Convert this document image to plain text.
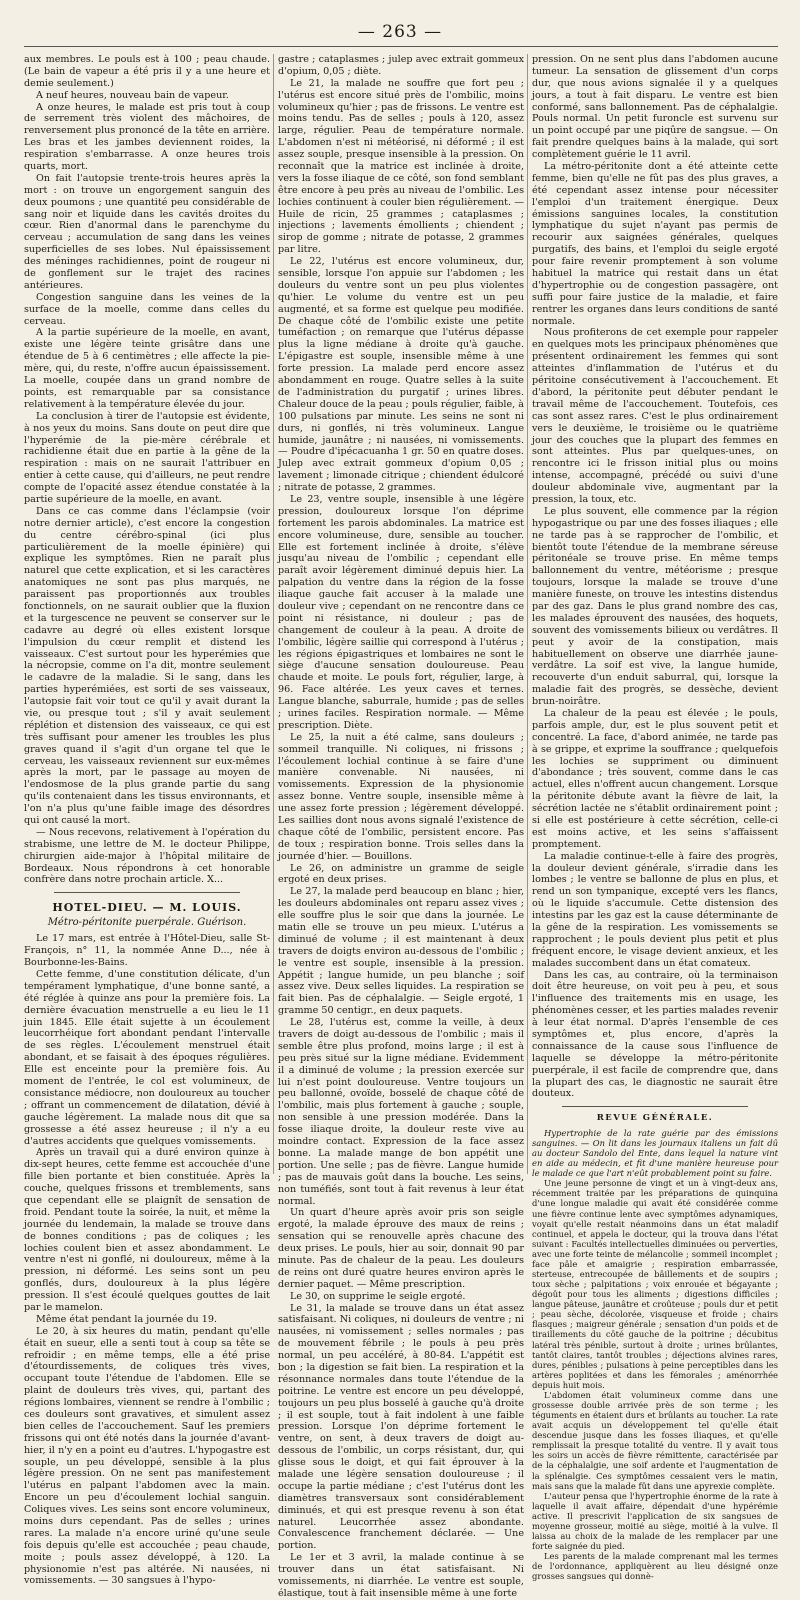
— 263 —

aux membres. Le pouls est à 100 ; peau chaude. (Le bain de vapeur a été pris il y a une heure et demie seulement.)

A neuf heures, nouveau bain de vapeur.

A onze heures, le malade est pris tout à coup de serrement très violent des mâchoires, de renversement plus prononcé de la tête en arrière. Les bras et les jambes deviennent roides, la respiration s'embarrasse. A onze heures trois quarts, mort.

On fait l'autopsie trente-trois heures après la mort : on trouve un engorgement sanguin des deux poumons ; une quantité peu considérable de sang noir et liquide dans les cavités droites du cœur. Rien d'anormal dans le parenchyme du cerveau ; accumulation de sang dans les veines superficielles de ses lobes. Nul épaississement des méninges rachidiennes, point de rougeur ni de gonflement sur le trajet des racines antérieures.

Congestion sanguine dans les veines de la surface de la moelle, comme dans celles du cerveau.

A la partie supérieure de la moelle, en avant, existe une légère teinte grisâtre dans une étendue de 5 à 6 centimètres ; elle affecte la pie-mère, qui, du reste, n'offre aucun épaississement. La moelle, coupée dans un grand nombre de points, est remarquable par sa consistance relativement à la température élevée du jour.

La conclusion à tirer de l'autopsie est évidente, à nos yeux du moins. Sans doute on peut dire que l'hyperémie de la pie-mère cérébrale et rachidienne était due en partie à la gêne de la respiration : mais on ne saurait l'attribuer en entier à cette cause, qui d'ailleurs, ne peut rendre compte de l'opacité assez étendue constatée à la partie supérieure de la moelle, en avant.

Dans ce cas comme dans l'éclampsie (voir notre dernier article), c'est encore la congestion du centre cérébro-spinal (ici plus particulièrement de la moelle épinière) qui explique les symptômes. Rien ne paraît plus naturel que cette explication, et si les caractères anatomiques ne sont pas plus marqués, ne paraissent pas proportionnés aux troubles fonctionnels, on ne saurait oublier que la fluxion et la turgescence ne peuvent se conserver sur le cadavre au degré où elles existent lorsque l'impulsion du cœur remplit et distend les vaisseaux. C'est surtout pour les hyperémies que la nécropsie, comme on l'a dit, montre seulement le cadavre de la maladie. Si le sang, dans les parties hyperémiées, est sorti de ses vaisseaux, l'autopsie fait voir tout ce qu'il y avait durant la vie, ou presque tout ; s'il y avait seulement réplétion et distension des vaisseaux, ce qui est très suffisant pour amener les troubles les plus graves quand il s'agit d'un organe tel que le cerveau, les vaisseaux reviennent sur eux-mêmes après la mort, par le passage au moyen de l'endosmose de la plus grande partie du sang qu'ils contenaient dans les tissus environnants, et l'on n'a plus qu'une faible image des désordres qui ont causé la mort.

— Nous recevons, relativement à l'opération du strabisme, une lettre de M. le docteur Philippe, chirurgien aide-major à l'hôpital militaire de Bordeaux. Nous répondrons à cet honorable confrère dans notre prochain article. X...

HOTEL-DIEU. — M. LOUIS.
Métro-péritonite puerpérale. Guérison.

Le 17 mars, est entrée à l'Hôtel-Dieu, salle St-François, n° 11, la nommée Anne D..., née à Bourbonne-les-Bains.

Cette femme, d'une constitution délicate, d'un tempérament lymphatique, d'une bonne santé, a été réglée à quinze ans pour la première fois. La dernière évacuation menstruelle a eu lieu le 11 juin 1845. Elle était sujette à un écoulement leucorrhéique fort abondant pendant l'intervalle de ses règles. L'écoulement menstruel était abondant, et se faisait à des époques régulières. Elle est enceinte pour la première fois. Au moment de l'entrée, le col est volumineux, de consistance médiocre, non douloureux au toucher ; offrant un commencement de dilatation, dévié à gauche légèrement. La malade nous dit que sa grossesse a été assez heureuse ; il n'y a eu d'autres accidents que quelques vomissements.

Après un travail qui a duré environ quinze à dix-sept heures, cette femme est accouchée d'une fille bien portante et bien constituée. Après la couche, quelques frissons et tremblements, sans que cependant elle se plaignît de sensation de froid. Pendant toute la soirée, la nuit, et même la journée du lendemain, la malade se trouve dans de bonnes conditions ; pas de coliques ; les lochies coulent bien et assez abondamment. Le ventre n'est ni gonflé, ni douloureux, même à la pression, ni déformé. Les seins sont un peu gonflés, durs, douloureux à la plus légère pression. Il s'est écoulé quelques gouttes de lait par le mamelon.

Même état pendant la journée du 19.

Le 20, à six heures du matin, pendant qu'elle était en sueur, elle a senti tout à coup sa tête se refroidir ; en même temps, elle a été prise d'étourdissements, de coliques très vives, occupant toute l'étendue de l'abdomen. Elle se plaint de douleurs très vives, qui, partant des régions lombaires, viennent se rendre à l'ombilic ; ces douleurs sont gravatives, et simulent assez bien celles de l'accouchement. Sauf les premiers frissons qui ont été notés dans la journée d'avant-hier, il n'y en a point eu d'autres. L'hypogastre est souple, un peu développé, sensible à la plus légère pression. On ne sent pas manifestement l'utérus en palpant l'abdomen avec la main. Encore un peu d'écoulement lochial sanguin. Coliques vives. Les seins sont encore volumineux, moins durs cependant. Pas de selles ; urines rares. La malade n'a encore uriné qu'une seule fois depuis qu'elle est accouchée ; peau chaude, moite ; pouls assez développé, à 120. La physionomie n'est pas altérée. Ni nausées, ni vomissements. — 30 sangsues à l'hypo-

gastre ; cataplasmes ; julep avec extrait gommeux d'opium, 0,05 ; diète.

Le 21, la malade ne souffre que fort peu ; l'utérus est encore situé près de l'ombilic, moins volumineux qu'hier ; pas de frissons. Le ventre est moins tendu. Pas de selles ; pouls à 120, assez large, régulier. Peau de température normale. L'abdomen n'est ni météorisé, ni déformé ; il est assez souple, presque insensible à la pression. On reconnaît que la matrice est inclinée à droite, vers la fosse iliaque de ce côté, son fond semblant être encore à peu près au niveau de l'ombilic. Les lochies continuent à couler bien régulièrement. — Huile de ricin, 25 grammes ; cataplasmes ; injections ; lavements émollients ; chiendent ; sirop de gomme ; nitrate de potasse, 2 grammes par litre.

Le 22, l'utérus est encore volumineux, dur, sensible, lorsque l'on appuie sur l'abdomen ; les douleurs du ventre sont un peu plus violentes qu'hier. Le volume du ventre est un peu augmenté, et sa forme est quelque peu modifiée. De chaque côté de l'ombilic existe une petite tuméfaction ; on remarque que l'utérus dépasse plus la ligne médiane à droite qu'à gauche. L'épigastre est souple, insensible même à une forte pression. La malade perd encore assez abondamment en rouge. Quatre selles à la suite de l'administration du purgatif ; urines libres. Chaleur douce de la peau ; pouls régulier, faible, à 100 pulsations par minute. Les seins ne sont ni durs, ni gonflés, ni très volumineux. Langue humide, jaunâtre ; ni nausées, ni vomissements. — Poudre d'ipécacuanha 1 gr. 50 en quatre doses. Julep avec extrait gommeux d'opium 0,05 ; lavement ; limonade citrique ; chiendent édulcoré ; nitrate de potasse, 2 grammes.

Le 23, ventre souple, insensible à une légère pression, douloureux lorsque l'on déprime fortement les parois abdominales. La matrice est encore volumineuse, dure, sensible au toucher. Elle est fortement inclinée à droite, s'élève jusqu'au niveau de l'ombilic ; cependant elle paraît avoir légèrement diminué depuis hier. La palpation du ventre dans la région de la fosse iliaque gauche fait accuser à la malade une douleur vive ; cependant on ne rencontre dans ce point ni résistance, ni douleur ; pas de changement de couleur à la peau. A droite de l'ombilic, légère saillie qui correspond à l'utérus ; les régions épigastriques et lombaires ne sont le siège d'aucune sensation douloureuse. Peau chaude et moite. Le pouls fort, régulier, large, à 96. Face altérée. Les yeux caves et ternes. Langue blanche, saburrale, humide ; pas de selles ; urines faciles. Respiration normale. — Même prescription. Diète.

Le 25, la nuit a été calme, sans douleurs ; sommeil tranquille. Ni coliques, ni frissons ; l'écoulement lochial continue à se faire d'une manière convenable. Ni nausées, ni vomissements. Expression de la physionomie assez bonne. Ventre souple, insensible même à une assez forte pression ; légèrement développé. Les saillies dont nous avons signalé l'existence de chaque côté de l'ombilic, persistent encore. Pas de toux ; respiration bonne. Trois selles dans la journée d'hier. — Bouillons.

Le 26, on administre un gramme de seigle ergoté en deux prises.

Le 27, la malade perd beaucoup en blanc ; hier, les douleurs abdominales ont reparu assez vives ; elle souffre plus le soir que dans la journée. Le matin elle se trouve un peu mieux. L'utérus a diminué de volume ; il est maintenant à deux travers de doigts environ au-dessous de l'ombilic ; le ventre est souple, insensible à la pression. Appétit ; langue humide, un peu blanche ; soif assez vive. Deux selles liquides. La respiration se fait bien. Pas de céphalalgie. — Seigle ergoté, 1 gramme 50 centigr., en deux paquets.

Le 28, l'utérus est, comme la veille, à deux travers de doigt au-dessous de l'ombilic ; mais il semble être plus profond, moins large ; il est à peu près situé sur la ligne médiane. Evidemment il a diminué de volume ; la pression exercée sur lui n'est point douloureuse. Ventre toujours un peu ballonné, ovoïde, bosselé de chaque côté de l'ombilic, mais plus fortement à gauche ; souple, non sensible à une pression modérée. Dans la fosse iliaque droite, la douleur reste vive au moindre contact. Expression de la face assez bonne. La malade mange de bon appétit une portion. Une selle ; pas de fièvre. Langue humide ; pas de mauvais goût dans la bouche. Les seins, non tuméfiés, sont tout à fait revenus à leur état normal.

Un quart d'heure après avoir pris son seigle ergoté, la malade éprouve des maux de reins ; sensation qui se renouvelle après chacune des deux prises. Le pouls, hier au soir, donnait 90 par minute. Pas de chaleur de la peau. Les douleurs de reins ont duré quatre heures environ après le dernier paquet. — Même prescription.

Le 30, on supprime le seigle ergoté.

Le 31, la malade se trouve dans un état assez satisfaisant. Ni coliques, ni douleurs de ventre ; ni nausées, ni vomissement ; selles normales ; pas de mouvement fébrile ; le pouls à peu près normal, un peu accéléré, à 80-84. L'appétit est bon ; la digestion se fait bien. La respiration et la résonnance normales dans toute l'étendue de la poitrine. Le ventre est encore un peu développé, toujours un peu plus bosselé à gauche qu'à droite ; il est souple, tout à fait indolent à une faible pression. Lorsque l'on déprime fortement le ventre, on sent, à deux travers de doigt au-dessous de l'ombilic, un corps résistant, dur, qui glisse sous le doigt, et qui fait éprouver à la malade une légère sensation douloureuse ; il occupe la partie médiane ; c'est l'utérus dont les diamètres transversaux sont considérablement diminués, et qui est presque revenu à son état naturel. Leucorrhée assez abondante. Convalescence franchement déclarée. — Une portion.

Le 1er et 3 avril, la malade continue à se trouver dans un état satisfaisant. Ni vomissements, ni diarrhée. Le ventre est souple, élastique, tout à fait insensible même à une forte

pression. On ne sent plus dans l'abdomen aucune tumeur. La sensation de glissement d'un corps dur, que nous avions signalée il y a quelques jours, a tout à fait disparu. Le ventre est bien conformé, sans ballonnement. Pas de céphalalgie. Pouls normal. Un petit furoncle est survenu sur un point occupé par une piqûre de sangsue. — On fait prendre quelques bains à la malade, qui sort complètement guérie le 11 avril.

La métro-péritonite dont a été atteinte cette femme, bien qu'elle ne fût pas des plus graves, a été cependant assez intense pour nécessiter l'emploi d'un traitement énergique. Deux émissions sanguines locales, la constitution lymphatique du sujet n'ayant pas permis de recourir aux saignées générales, quelques purgatifs, des bains, et l'emploi du seigle ergoté pour faire revenir promptement à son volume habituel la matrice qui restait dans un état d'hypertrophie ou de congestion passagère, ont suffi pour faire justice de la maladie, et faire rentrer les organes dans leurs conditions de santé normale.

Nous profiterons de cet exemple pour rappeler en quelques mots les principaux phénomènes que présentent ordinairement les femmes qui sont atteintes d'inflammation de l'utérus et du péritoine consécutivement à l'accouchement. Et d'abord, la péritonite peut débuter pendant le travail même de l'accouchement. Toutefois, ces cas sont assez rares. C'est le plus ordinairement vers le deuxième, le troisième ou le quatrième jour des couches que la plupart des femmes en sont atteintes. Plus par quelques-unes, on rencontre ici le frisson initial plus ou moins intense, accompagné, précédé ou suivi d'une douleur abdominale vive, augmentant par la pression, la toux, etc.

Le plus souvent, elle commence par la région hypogastrique ou par une des fosses iliaques ; elle ne tarde pas à se rapprocher de l'ombilic, et bientôt toute l'étendue de la membrane séreuse péritonéale se trouve prise. En même temps ballonnement du ventre, météorisme ; presque toujours, lorsque la malade se trouve d'une manière funeste, on trouve les intestins distendus par des gaz. Dans le plus grand nombre des cas, les malades éprouvent des nausées, des hoquets, souvent des vomissements bilieux ou verdâtres. Il peut y avoir de la constipation, mais habituellement on observe une diarrhée jaune-verdâtre. La soif est vive, la langue humide, recouverte d'un enduit saburral, qui, lorsque la maladie fait des progrès, se dessèche, devient brun-noirâtre.

La chaleur de la peau est élevée ; le pouls, parfois ample, dur, est le plus souvent petit et concentré. La face, d'abord animée, ne tarde pas à se grippe, et exprime la souffrance ; quelquefois les lochies se suppriment ou diminuent d'abondance ; très souvent, comme dans le cas actuel, elles n'offrent aucun changement. Lorsque la péritonite débute avant la fièvre de lait, la sécrétion lactée ne s'établit ordinairement point ; si elle est postérieure à cette sécrétion, celle-ci est moins active, et les seins s'affaissent promptement.

La maladie continue-t-elle à faire des progrès, la douleur devient générale, s'irradie dans les lombes ; le ventre se ballonne de plus en plus, et rend un son tympanique, excepté vers les flancs, où le liquide s'accumule. Cette distension des intestins par les gaz est la cause déterminante de la gêne de la respiration. Les vomissements se rapprochent ; le pouls devient plus petit et plus fréquent encore, le visage devient anxieux, et les malades succombent dans un état comateux.

Dans les cas, au contraire, où la terminaison doit être heureuse, on voit peu à peu, et sous l'influence des traitements mis en usage, les phénomènes cesser, et les parties malades revenir à leur état normal. D'après l'ensemble de ces symptômes et, plus encore, d'après la connaissance de la cause sous l'influence de laquelle se développe la métro-péritonite puerpérale, il est facile de comprendre que, dans la plupart des cas, le diagnostic ne saurait être douteux.

REVUE GÉNÉRALE.

Hypertrophie de la rate guérie par des émissions sanguines. — On lit dans les journaux italiens un fait dû au docteur Sandolo del Ente, dans lequel la nature vint en aide au médecin, et fit d'une manière heureuse pour le malade ce que l'art n'eût probablement point su faire.

Une jeune personne de vingt et un à vingt-deux ans, récemment traitée par les préparations de quinquina d'une longue maladie qui avait été considérée comme une fièvre continue lente avec symptômes adynamiques, voyait qu'elle restait néanmoins dans un état maladif continuel, et appela le docteur, qui la trouva dans l'état suivant : Facultés intellectuelles diminuées ou perverties, avec une forte teinte de mélancolie ; sommeil incomplet ; face pâle et amaigrie ; respiration embarrassée, sterteuse, entrecoupée de bâillements et de soupirs ; toux sèche ; palpitations ; voix enrouée et bégayante ; dégoût pour tous les aliments ; digestions difficiles ; langue pâteuse, jaunâtre et croûteuse ; pouls dur et petit ; peau sèche, décolorée, visqueuse et froide ; chairs flasques ; maigreur générale ; sensation d'un poids et de tiraillements du côté gauche de la poitrine ; décubitus latéral très pénible, surtout à droite ; urines brûlantes, tantôt claires, tantôt troubles ; déjections alvines rares, dures, pénibles ; pulsations à peine perceptibles dans les artères poplitées et dans les fémorales ; aménorrhée depuis huit mois.

L'abdomen était volumineux comme dans une grossesse double arrivée près de son terme ; les téguments en étaient durs et brûlants au toucher. La rate avait acquis un développement tel qu'elle était descendue jusque dans les fosses iliaques, et qu'elle remplissait la presque totalité du ventre. Il y avait tous les soirs un accès de fièvre rémittente, caractérisée par de la céphalalgie, une soif ardente et l'augmentation de la splénalgie. Ces symptômes cessaient vers le matin, mais sans que la malade fût dans une apyrexie complète.

L'auteur pensa que l'hypertrophie énorme de la rate à laquelle il avait affaire, dépendait d'une hypérémie active. Il prescrivit l'application de six sangsues de moyenne grosseur, moitié au siège, moitié à la vulve. Il laissa au choix de la malade de les remplacer par une forte saignée du pied.

Les parents de la malade comprenant mal les termes de l'ordonnance, appliquèrent au lieu désigné onze grosses sangsues qui donnè-
